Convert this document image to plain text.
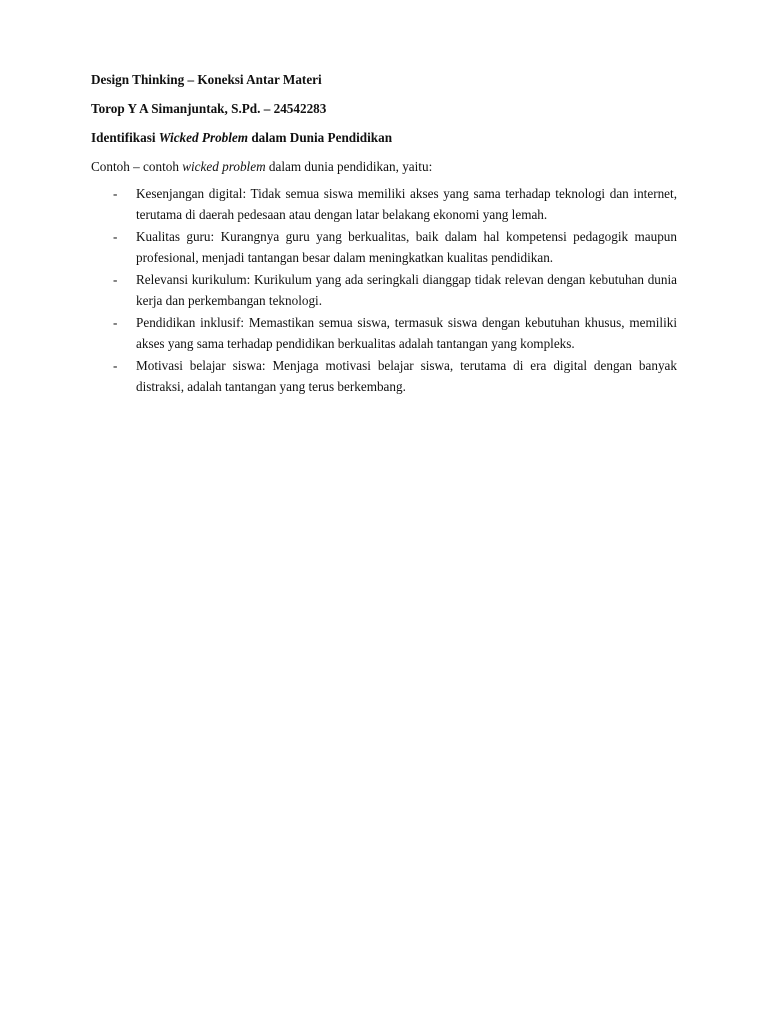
Design Thinking – Koneksi Antar Materi

Torop Y A Simanjuntak, S.Pd. – 24542283

Identifikasi Wicked Problem dalam Dunia Pendidikan

Contoh – contoh wicked problem dalam dunia pendidikan, yaitu:

-	Kesenjangan digital: Tidak semua siswa memiliki akses yang sama terhadap teknologi dan internet, terutama di daerah pedesaan atau dengan latar belakang ekonomi yang lemah.
-	Kualitas guru: Kurangnya guru yang berkualitas, baik dalam hal kompetensi pedagogik maupun profesional, menjadi tantangan besar dalam meningkatkan kualitas pendidikan.
-	Relevansi kurikulum: Kurikulum yang ada seringkali dianggap tidak relevan dengan kebutuhan dunia kerja dan perkembangan teknologi.
-	Pendidikan inklusif: Memastikan semua siswa, termasuk siswa dengan kebutuhan khusus, memiliki akses yang sama terhadap pendidikan berkualitas adalah tantangan yang kompleks.
-	Motivasi belajar siswa: Menjaga motivasi belajar siswa, terutama di era digital dengan banyak distraksi, adalah tantangan yang terus berkembang.
